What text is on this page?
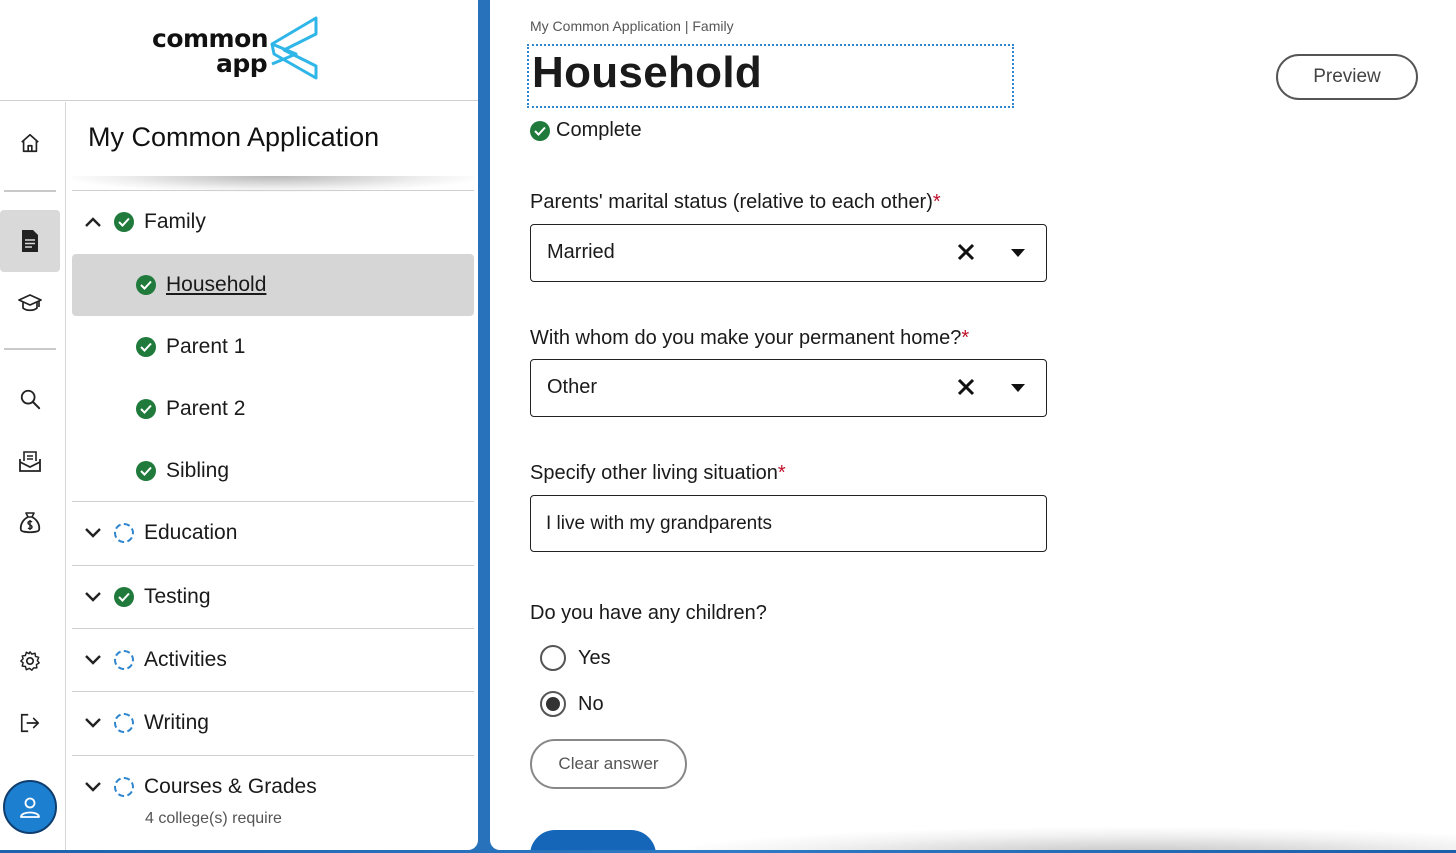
common
app
My Common Application
Family
Household
Parent 1
Parent 2
Sibling
Education
Testing
Activities
Writing
Courses & Grades
4 college(s) require
My Common Application | Family
Household
Complete
Preview
Parents' marital status (relative to each other)*
Married
With whom do you make your permanent home?*
Other
Specify other living situation*
I live with my grandparents
Do you have any children?
Yes
No
Clear answer
